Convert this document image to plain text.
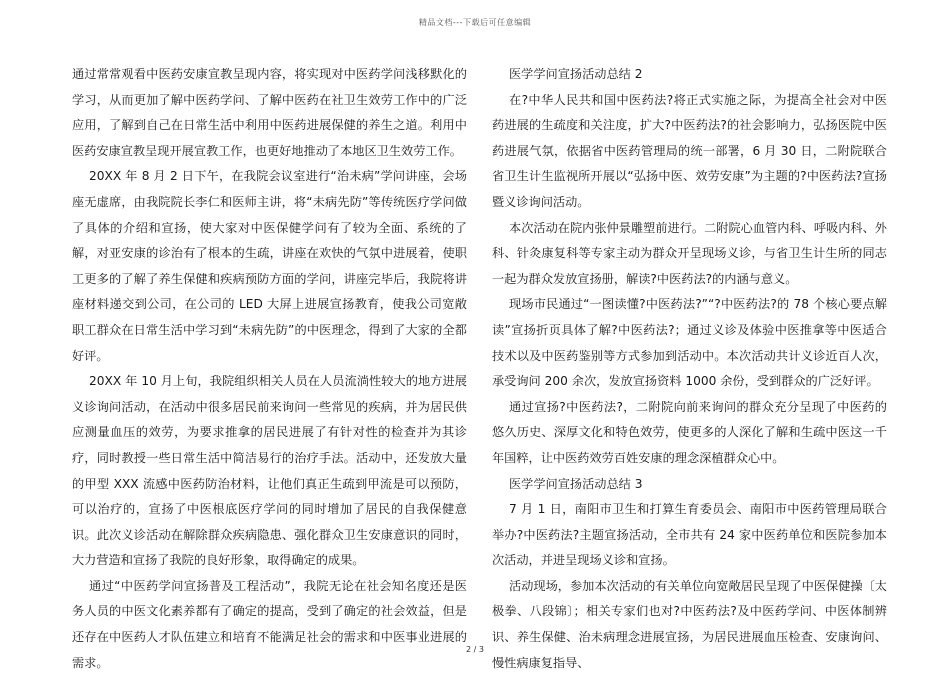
精品文档---下载后可任意编辑

通过常常观看中医药安康宣教呈现内容，将实现对中医药学问浅移默化的学习，从而更加了解中医药学问、了解中医药在社卫生效劳工作中的广泛应用，了解到自己在日常生活中利用中医药进展保健的养生之道。利用中医药安康宣教呈现开展宣教工作，也更好地推动了本地区卫生效劳工作。

20XX 年 8 月 2 日下午，在我院会议室进行“治未病”学问讲座，会场座无虚席，由我院院长李仁和医师主讲，将“未病先防”等传统医疗学问做了具体的介绍和宣扬，使大家对中医保健学问有了较为全面、系统的了解，对亚安康的诊治有了根本的生疏，讲座在欢快的气氛中进展着，使职工更多的了解了养生保健和疾病预防方面的学问，讲座完毕后，我院将讲座材料递交到公司，在公司的 LED 大屏上进展宣扬教育，使我公司宽敞职工群众在日常生活中学习到“未病先防”的中医理念，得到了大家的全都好评。

20XX 年 10 月上旬，我院组织相关人员在人员流淌性较大的地方进展义诊询问活动，在活动中很多居民前来询问一些常见的疾病，并为居民供应测量血压的效劳，为要求推拿的居民进展了有针对性的检查并为其诊疗，同时教授一些日常生活中简洁易行的治疗手法。活动中，还发放大量的甲型 XXX 流感中医药防治材料，让他们真正生疏到甲流是可以预防，可以治疗的，宣扬了中医根底医疗学问的同时增加了居民的自我保健意识。此次义诊活动在解除群众疾病隐患、强化群众卫生安康意识的同时，大力营造和宣扬了我院的良好形象，取得确定的成果。

通过“中医药学问宣扬普及工程活动”，我院无论在社会知名度还是医务人员的中医文化素养都有了确定的提高，受到了确定的社会效益，但是还存在中医药人才队伍建立和培育不能满足社会的需求和中医事业进展的需求。

医学学问宣扬活动总结 2

在?中华人民共和国中医药法?将正式实施之际，为提高全社会对中医药进展的生疏度和关注度，扩大?中医药法?的社会影响力，弘扬医院中医药进展气氛，依据省中医药管理局的统一部署，6 月 30 日，二附院联合省卫生计生监视所开展以“弘扬中医、效劳安康”为主题的?中医药法?宣扬暨义诊询问活动。

本次活动在院内张仲景雕塑前进行。二附院心血管内科、呼吸内科、外科、针灸康复科等专家主动为群众开呈现场义诊，与省卫生计生所的同志一起为群众发放宣扬册，解读?中医药法?的内涵与意义。

现场市民通过“一图读懂?中医药法?”“?中医药法?的 78 个核心要点解读”宣扬折页具体了解?中医药法?；通过义诊及体验中医推拿等中医适合技术以及中医药鉴别等方式参加到活动中。本次活动共计义诊近百人次，承受询问 200 余次，发放宣扬资料 1000 余份，受到群众的广泛好评。

通过宣扬?中医药法?，二附院向前来询问的群众充分呈现了中医药的悠久历史、深厚文化和特色效劳，使更多的人深化了解和生疏中医这一千年国粹，让中医药效劳百姓安康的理念深植群众心中。

医学学问宣扬活动总结 3

7 月 1 日，南阳市卫生和打算生育委员会、南阳市中医药管理局联合举办?中医药法?主题宣扬活动，全市共有 24 家中医药单位和医院参加本次活动，并进呈现场义诊和宣扬。

活动现场，参加本次活动的有关单位向宽敞居民呈现了中医保健操〔太极拳、八段锦〕；相关专家们也对?中医药法?及中医药学问、中医体制辨识、养生保健、治未病理念进展宣扬，为居民进展血压检查、安康询问、慢性病康复指导、

2 / 3
